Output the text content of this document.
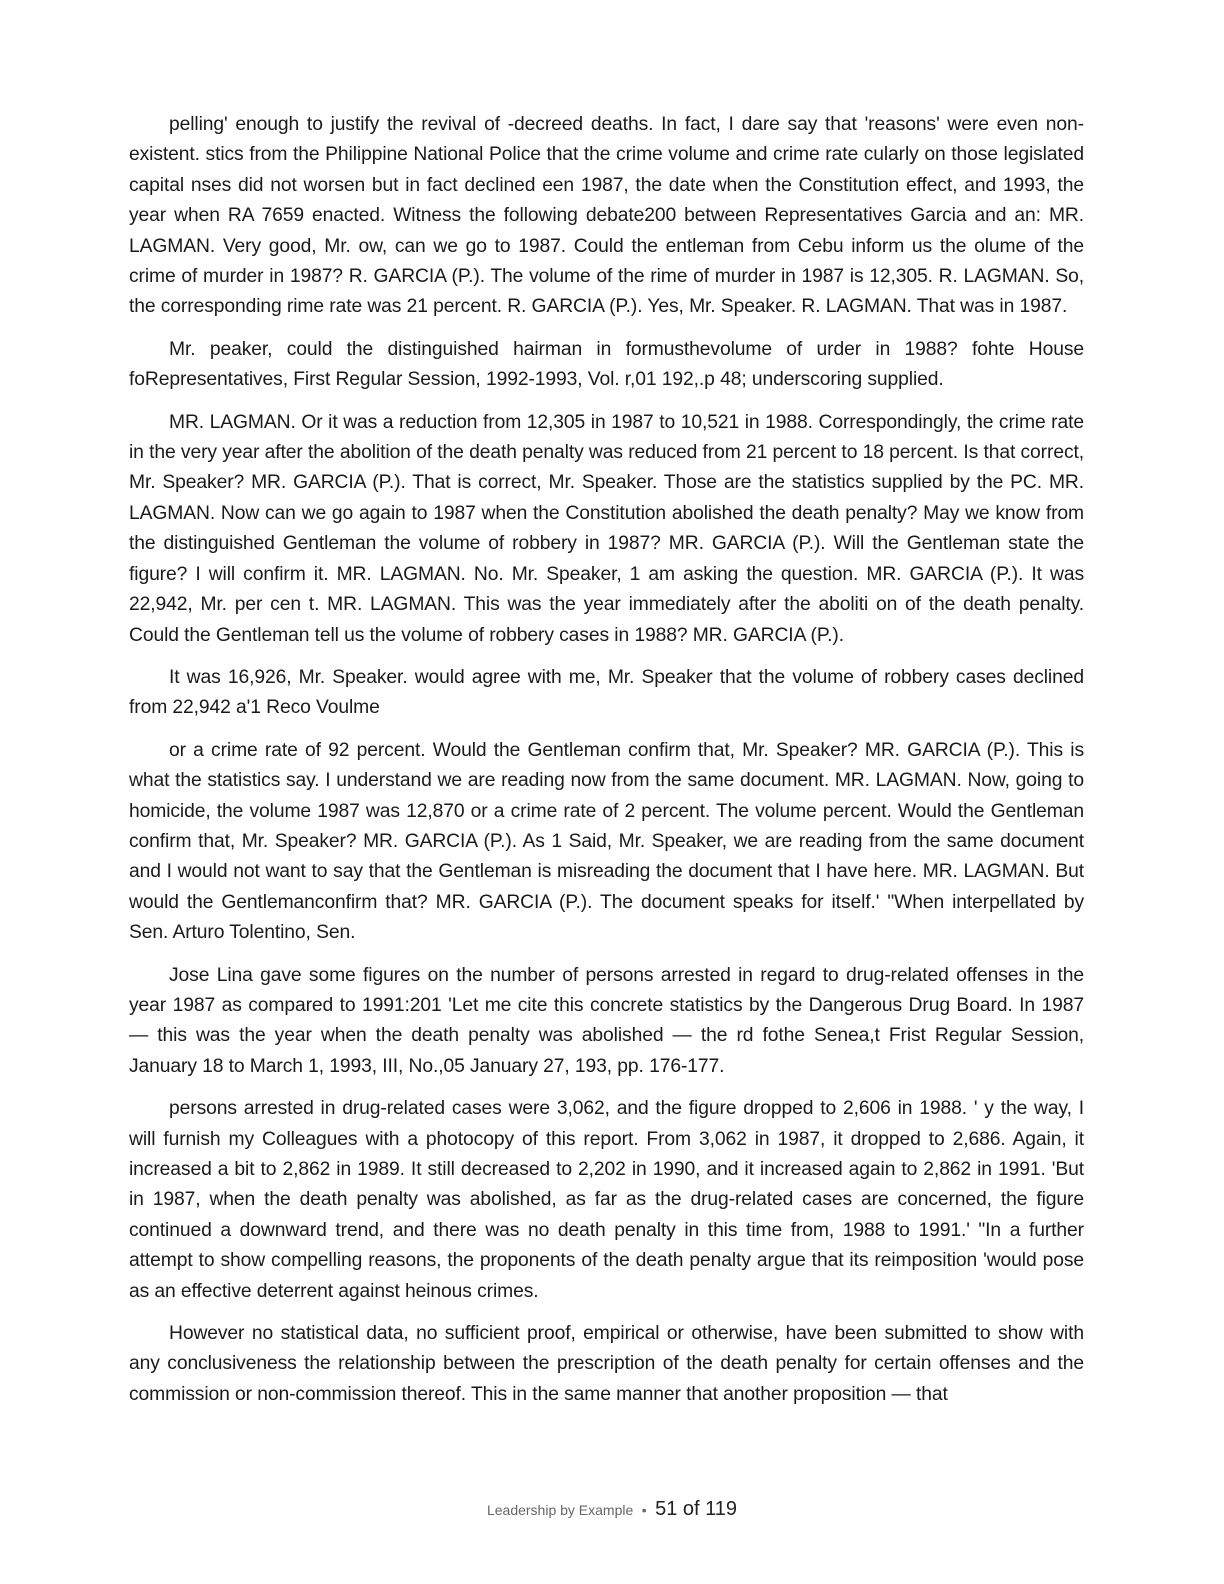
pelling' enough to justify the revival of -decreed deaths. In fact, I dare say that 'reasons' were even non-existent. stics from the Philippine National Police that the crime volume and crime rate cularly on those legislated capital nses did not worsen but in fact declined een 1987, the date when the Constitution effect, and 1993, the year when RA 7659 enacted. Witness the following debate200 between Representatives Garcia and an: MR. LAGMAN. Very good, Mr. ow, can we go to 1987. Could the entleman from Cebu inform us the olume of the crime of murder in 1987? R. GARCIA (P.). The volume of the rime of murder in 1987 is 12,305. R. LAGMAN. So, the corresponding rime rate was 21 percent. R. GARCIA (P.). Yes, Mr. Speaker. R. LAGMAN. That was in 1987.

Mr. peaker, could the distinguished hairman in formusthevolume of urder in 1988? fohte House foRepresentatives, First Regular Session, 1992-1993, Vol. r,01 192,.p 48; underscoring supplied.

MR. LAGMAN. Or it was a reduction from 12,305 in 1987 to 10,521 in 1988. Correspondingly, the crime rate in the very year after the abolition of the death penalty was reduced from 21 percent to 18 percent. Is that correct, Mr. Speaker? MR. GARCIA (P.). That is correct, Mr. Speaker. Those are the statistics supplied by the PC. MR. LAGMAN. Now can we go again to 1987 when the Constitution abolished the death penalty? May we know from the distinguished Gentleman the volume of robbery in 1987? MR. GARCIA (P.). Will the Gentleman state the figure? I will confirm it. MR. LAGMAN. No. Mr. Speaker, 1 am asking the question. MR. GARCIA (P.). It was 22,942, Mr. per cen t. MR. LAGMAN. This was the year immediately after the aboliti on of the death penalty. Could the Gentleman tell us the volume of robbery cases in 1988? MR. GARCIA (P.).

It was 16,926, Mr. Speaker. would agree with me, Mr. Speaker that the volume of robbery cases declined from 22,942 a'1 Reco Voulme

or a crime rate of 92 percent. Would the Gentleman confirm that, Mr. Speaker? MR. GARCIA (P.). This is what the statistics say. I understand we are reading now from the same document. MR. LAGMAN. Now, going to homicide, the volume 1987 was 12,870 or a crime rate of 2 percent. The volume percent. Would the Gentleman confirm that, Mr. Speaker? MR. GARCIA (P.). As 1 Said, Mr. Speaker, we are reading from the same document and I would not want to say that the Gentleman is misreading the document that I have here. MR. LAGMAN. But would the Gentlemanconfirm that? MR. GARCIA (P.). The document speaks for itself.' "When interpellated by Sen. Arturo Tolentino, Sen.

Jose Lina gave some figures on the number of persons arrested in regard to drug-related offenses in the year 1987 as compared to 1991:201 'Let me cite this concrete statistics by the Dangerous Drug Board. In 1987 — this was the year when the death penalty was abolished — the rd fothe Senea,t Frist Regular Session, January 18 to March 1, 1993, III, No.,05 January 27, 193, pp. 176-177.

persons arrested in drug-related cases were 3,062, and the figure dropped to 2,606 in 1988. ' y the way, I will furnish my Colleagues with a photocopy of this report. From 3,062 in 1987, it dropped to 2,686. Again, it increased a bit to 2,862 in 1989. It still decreased to 2,202 in 1990, and it increased again to 2,862 in 1991. 'But in 1987, when the death penalty was abolished, as far as the drug-related cases are concerned, the figure continued a downward trend, and there was no death penalty in this time from, 1988 to 1991.' "In a further attempt to show compelling reasons, the proponents of the death penalty argue that its reimposition 'would pose as an effective deterrent against heinous crimes.

However no statistical data, no sufficient proof, empirical or otherwise, have been submitted to show with any conclusiveness the relationship between the prescription of the death penalty for certain offenses and the commission or non-commission thereof. This in the same manner that another proposition — that

Leadership by Example • 51 of 119
